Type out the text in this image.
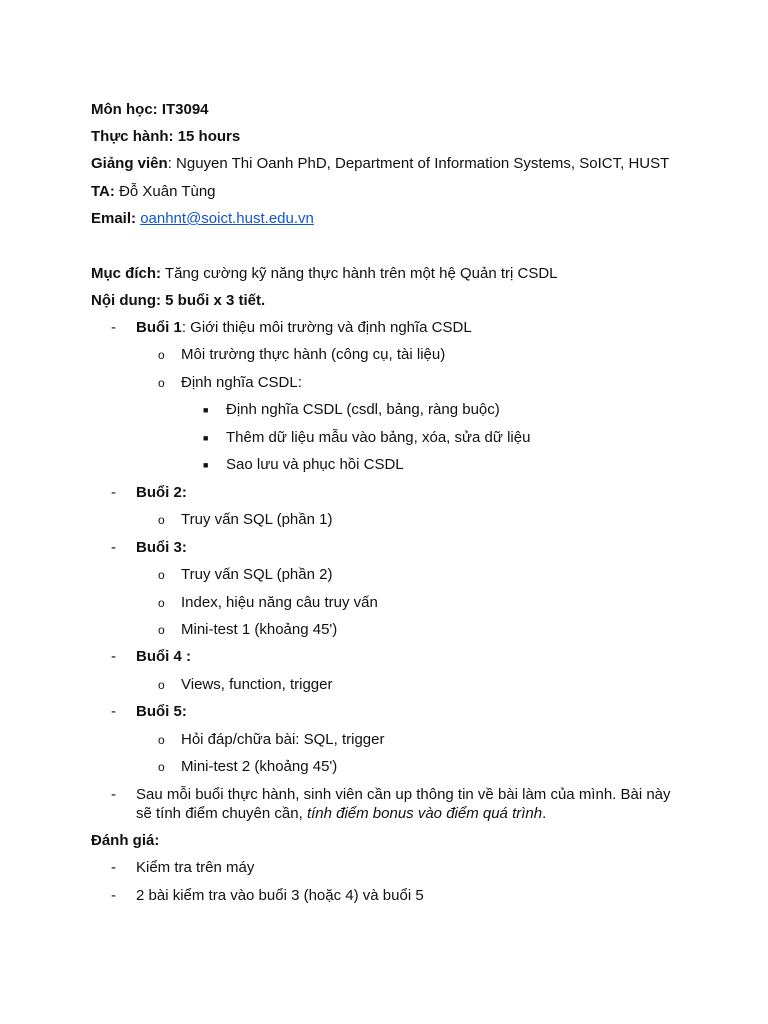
Môn học: IT3094
Thực hành: 15 hours
Giảng viên: Nguyen Thi Oanh PhD, Department of Information Systems, SoICT, HUST
TA: Đỗ Xuân Tùng
Email: oanhnt@soict.hust.edu.vn
Mục đích: Tăng cường kỹ năng thực hành trên một hệ Quản trị CSDL
Nội dung: 5 buổi x 3 tiết.
-	Buổi 1: Giới thiệu môi trường và định nghĩa CSDL
o Môi trường thực hành (công cụ, tài liệu)
o Định nghĩa CSDL:
■ Định nghĩa CSDL (csdl, bảng, ràng buộc)
■ Thêm dữ liệu mẫu vào bảng, xóa, sửa dữ liệu
■ Sao lưu và phục hồi CSDL
-	Buổi 2:
o Truy vấn SQL (phần 1)
-	Buổi 3:
o Truy vấn SQL (phần 2)
o Index, hiệu năng câu truy vấn
o Mini-test 1 (khoảng 45')
-	Buổi 4 :
o Views, function, trigger
-	Buổi 5:
o Hỏi đáp/chữa bài: SQL, trigger
o Mini-test 2 (khoảng 45')
-	Sau mỗi buổi thực hành, sinh viên cần up thông tin về bài làm của mình. Bài này
sẽ tính điểm chuyên cần, tính điểm bonus vào điểm quá trình.
Đánh giá:
-	Kiểm tra trên máy
-	2 bài kiểm tra vào buổi 3 (hoặc 4) và buổi 5
